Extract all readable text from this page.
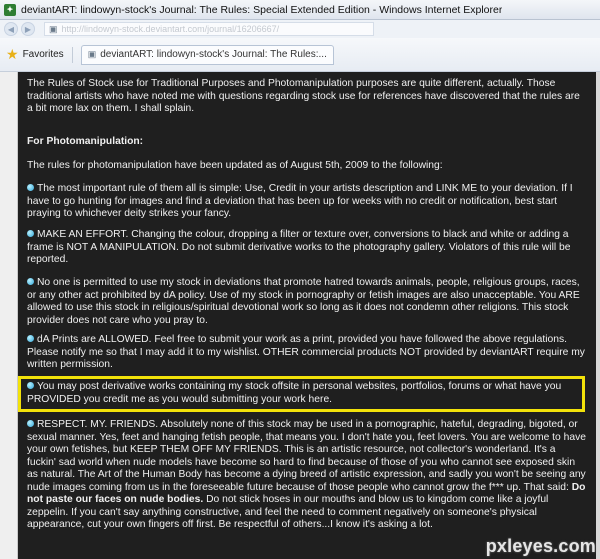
✦ deviantART: lindowyn-stock's Journal: The Rules: Special Extended Edition - Windows Internet Explorer
◀	▶	▣
http://lindowyn-stock.deviantart.com/journal/16206667/
★ Favorites	▣ deviantART: lindowyn-stock's Journal: The Rules:...

The Rules of Stock use for Traditional Purposes and Photomanipulation purposes are quite different, actually. Those traditional artists who have noted me with questions regarding stock use for references have discovered that the rules are a bit more lax on them. I shall splain.

For Photomanipulation:

The rules for photomanipulation have been updated as of August 5th, 2009 to the following:

The most important rule of them all is simple: Use, Credit in your artists description and LINK ME to your deviation. If I have to go hunting for images and find a deviation that has been up for weeks with no credit or notification, best start praying to whichever deity strikes your fancy.

MAKE AN EFFORT. Changing the colour, dropping a filter or texture over, conversions to black and white or adding a frame is NOT A MANIPULATION. Do not submit derivative works to the photography gallery. Violators of this rule will be reported.

No one is permitted to use my stock in deviations that promote hatred towards animals, people, religious groups, races, or any other act prohibited by dA policy. Use of my stock in pornography or fetish images are also unacceptable. You ARE allowed to use this stock in religious/spiritual devotional work so long as it does not condemn other religions. This stock provider does not care who you pray to.

dA Prints are ALLOWED. Feel free to submit your work as a print, provided you have followed the above regulations. Please notify me so that I may add it to my wishlist. OTHER commercial products NOT provided by deviantART require my written permission.

You may post derivative works containing my stock offsite in personal websites, portfolios, forums or what have you PROVIDED you credit me as you would submitting your work here.

RESPECT. MY. FRIENDS. Absolutely none of this stock may be used in a pornographic, hateful, degrading, bigoted, or sexual manner. Yes, feet and hanging fetish people, that means you. I don't hate you, feet lovers. You are welcome to have your own fetishes, but KEEP THEM OFF MY FRIENDS. This is an artistic resource, not collector's wonderland. It's a fuckin' sad world when nude models have become so hard to find because of those of you who cannot see exposed skin as natural. The Art of the Human Body has become a dying breed of artistic expression, and sadly you won't be seeing any nude images coming from us in the foreseeable future because of those people who cannot grow the f*** up. That said: Do not paste our faces on nude bodies. Do not stick hoses in our mouths and blow us to kingdom come like a joyful zeppelin. If you can't say anything constructive, and feel the need to comment negatively on someone's physical appearance, cut your own fingers off first. Be respectful of others...I know it's asking a lot.

pxleyes.com
